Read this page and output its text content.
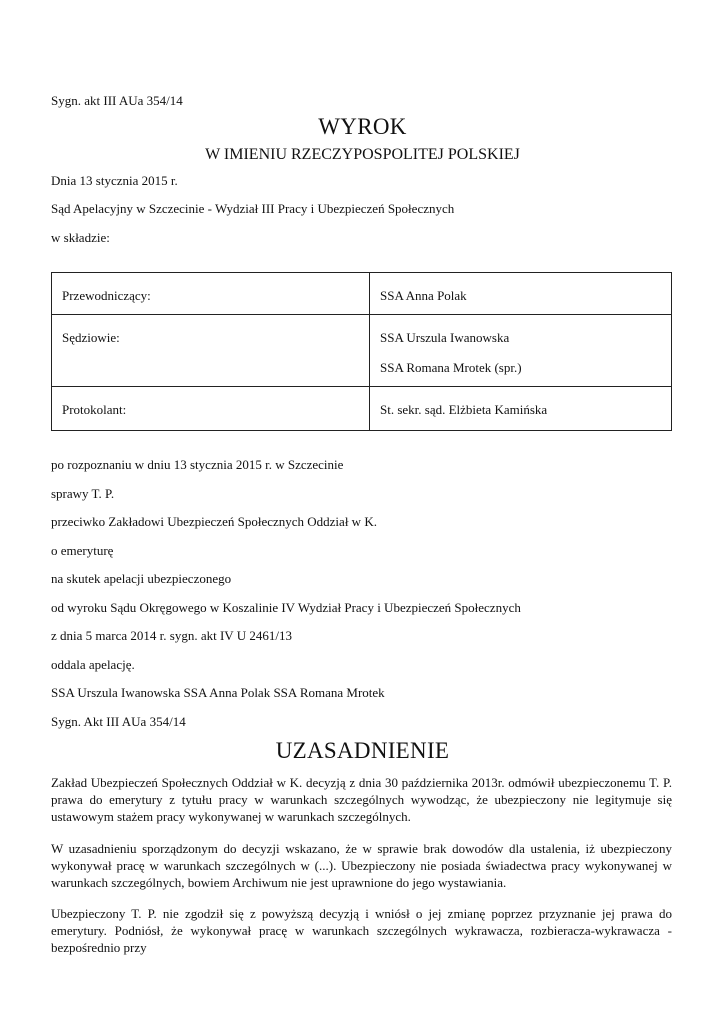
Sygn. akt III AUa 354/14
WYROK
W IMIENIU RZECZYPOSPOLITEJ POLSKIEJ
Dnia 13 stycznia 2015 r.
Sąd Apelacyjny w Szczecinie - Wydział III Pracy i Ubezpieczeń Społecznych
w składzie:

Przewodniczący:	SSA Anna Polak

Sędziowie:	SSA Urszula Iwanowska

SSA Romana Mrotek (spr.)

Protokolant:	St. sekr. sąd. Elżbieta Kamińska

po rozpoznaniu w dniu 13 stycznia 2015 r. w Szczecinie
sprawy T. P.
przeciwko Zakładowi Ubezpieczeń Społecznych Oddział w K.
o emeryturę
na skutek apelacji ubezpieczonego
od wyroku Sądu Okręgowego w Koszalinie IV Wydział Pracy i Ubezpieczeń Społecznych
z dnia 5 marca 2014 r. sygn. akt IV U 2461/13
oddala apelację.
SSA Urszula Iwanowska SSA Anna Polak SSA Romana Mrotek
Sygn. Akt III AUa 354/14
UZASADNIENIE

Zakład Ubezpieczeń Społecznych Oddział w K. decyzją z dnia 30 października 2013r. odmówił ubezpieczonemu T. P. prawa do emerytury z tytułu pracy w warunkach szczególnych wywodząc, że ubezpieczony nie legitymuje się ustawowym stażem pracy wykonywanej w warunkach szczególnych.

W uzasadnieniu sporządzonym do decyzji wskazano, że w sprawie brak dowodów dla ustalenia, iż ubezpieczony wykonywał pracę w warunkach szczególnych w (...). Ubezpieczony nie posiada świadectwa pracy wykonywanej w warunkach szczególnych, bowiem Archiwum nie jest uprawnione do jego wystawiania.

Ubezpieczony T. P. nie zgodził się z powyższą decyzją i wniósł o jej zmianę poprzez przyznanie jej prawa do emerytury. Podniósł, że wykonywał pracę w warunkach szczególnych wykrawacza, rozbieracza-wykrawacza - bezpośrednio przy
